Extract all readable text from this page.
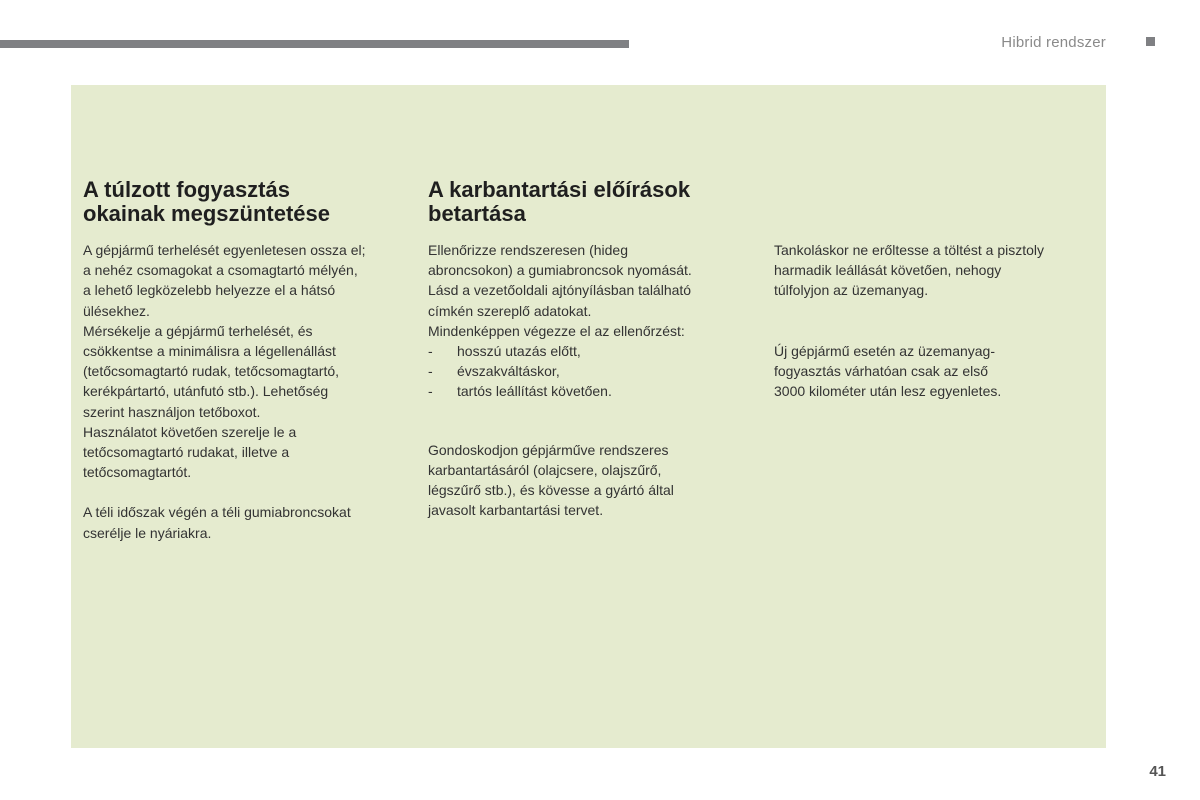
Hibrid rendszer
A túlzott fogyasztás
okainak megszüntetése

A gépjármű terhelését egyenletesen ossza el;

a nehéz csomagokat a csomagtartó mélyén,

a lehető legközelebb helyezze el a hátsó

ülésekhez.

Mérsékelje a gépjármű terhelését, és

csökkentse a minimálisra a légellenállást

(tetőcsomagtartó rudak, tetőcsomagtartó,

kerékpártartó, utánfutó stb.). Lehetőség

szerint használjon tetőboxot.

Használatot követően szerelje le a

tetőcsomagtartó rudakat, illetve a

tetőcsomagtartót.

A téli időszak végén a téli gumiabroncsokat

cserélje le nyáriakra.

A karbantartási előírások
betartása

Ellenőrizze rendszeresen (hideg

abroncsokon) a gumiabroncsok nyomását.

Lásd a vezetőoldali ajtónyílásban található

címkén szereplő adatokat.

Mindenképpen végezze el az ellenőrzést:

- hosszú utazás előtt,
- évszakváltáskor,
- tartós leállítást követően.

Gondoskodjon gépjárműve rendszeres

karbantartásáról (olajcsere, olajszűrő,

légszűrő stb.), és kövesse a gyártó által

javasolt karbantartási tervet.

Tankoláskor ne erőltesse a töltést a pisztoly

harmadik leállását követően, nehogy

túlfolyjon az üzemanyag.

Új gépjármű esetén az üzemanyag-

fogyasztás várhatóan csak az első

3000 kilométer után lesz egyenletes.

41
